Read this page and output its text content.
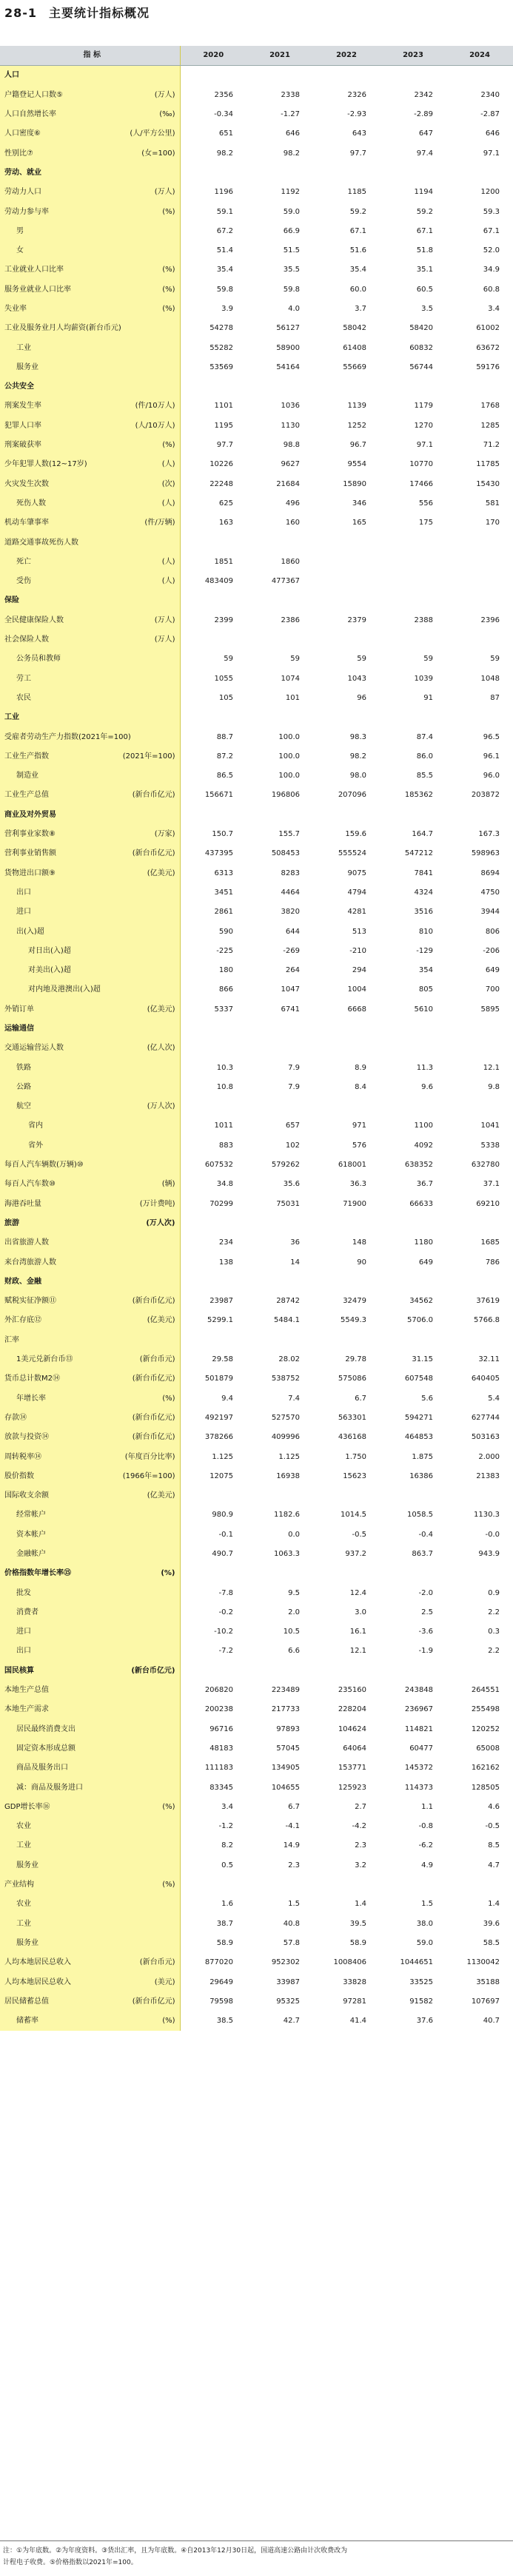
28-1 主要统计指标概况
指 标	2020	2021	2022	2023	2024
人口

户籍登记人口数⑤ (万人)	2356	2338	2326	2342	2340
人口自然增长率 (‰)	-0.34	-1.27	-2.93	-2.89	-2.87
人口密度⑥ (人/平方公里)	651	646	643	647	646
性别比⑦ (女=100)	98.2	98.2	97.7	97.4	97.1
劳动、就业

劳动力人口 (万人)	1196	1192	1185	1194	1200
劳动力参与率 (%)	59.1	59.0	59.2	59.2	59.3
男	67.2	66.9	67.1	67.1	67.1
女	51.4	51.5	51.6	51.8	52.0
工业就业人口比率 (%)	35.4	35.5	35.4	35.1	34.9
服务业就业人口比率 (%)	59.8	59.8	60.0	60.5	60.8
失业率 (%)	3.9	4.0	3.7	3.5	3.4
工业及服务业月人均薪资(新台币元)	54278	56127	58042	58420	61002
工业	55282	58900	61408	60832	63672
服务业	53569	54164	55669	56744	59176
公共安全

刑案发生率 (件/10万人)	1101	1036	1139	1179	1768
犯罪人口率 (人/10万人)	1195	1130	1252	1270	1285
刑案破获率 (%)	97.7	98.8	96.7	97.1	71.2
少年犯罪人数(12~17岁) (人)	10226	9627	9554	10770	11785
火灾发生次数 (次)	22248	21684	15890	17466	15430
死伤人数 (人)	625	496	346	556	581
机动车肇事率 (件/万辆)	163	160	165	175	170
道路交通事故死伤人数

死亡 (人)	1851	1860			
受伤 (人)	483409	477367			
保险

全民健康保险人数 (万人)	2399	2386	2379	2388	2396
社会保险人数 (万人)					

公务员和教师	59	59	59	59	59
劳工	1055	1074	1043	1039	1048
农民	105	101	96	91	87
工业

受雇者劳动生产力指数(2021年=100)	88.7	100.0	98.3	87.4	96.5
工业生产指数 (2021年=100)	87.2	100.0	98.2	86.0	96.1
制造业	86.5	100.0	98.0	85.5	96.0
工业生产总值 (新台币亿元)	156671	196806	207096	185362	203872
商业及对外贸易

营利事业家数⑧ (万家)	150.7	155.7	159.6	164.7	167.3
营利事业销售额 (新台币亿元)	437395	508453	555524	547212	598963
货物进出口额⑨ (亿美元)	6313	8283	9075	7841	8694
出口	3451	4464	4794	4324	4750
进口	2861	3820	4281	3516	3944
出(入)超	590	644	513	810	806
对日出(入)超	-225	-269	-210	-129	-206
对美出(入)超	180	264	294	354	649
对内地及港澳出(入)超	866	1047	1004	805	700
外销订单 (亿美元)	5337	6741	6668	5610	5895
运输通信

交通运输营运人数 (亿人次)					

铁路	10.3	7.9	8.9	11.3	12.1
公路	10.8	7.9	8.4	9.6	9.8
航空 (万人次)					

省内	1011	657	971	1100	1041
省外	883	102	576	4092	5338
每百人汽车辆数(万辆)⑩	607532	579262	618001	638352	632780
每百人汽车数⑩ (辆)	34.8	35.6	36.3	36.7	37.1
海港吞吐量 (万计费吨)	70299	75031	71900	66633	69210
旅游 (万人次)					

出省旅游人数	234	36	148	1180	1685
来台湾旅游人数	138	14	90	649	786
财政、金融

赋税实征净额⑪ (新台币亿元)	23987	28742	32479	34562	37619
外汇存底⑫ (亿美元)	5299.1	5484.1	5549.3	5706.0	5766.8
汇率

1美元兑新台币⑬ (新台币元)	29.58	28.02	29.78	31.15	32.11
货币总计数M2⑭ (新台币亿元)	501879	538752	575086	607548	640405
年增长率 (%)	9.4	7.4	6.7	5.6	5.4
存款⑭ (新台币亿元)	492197	527570	563301	594271	627744
放款与投资⑭ (新台币亿元)	378266	409996	436168	464853	503163
周转税率⑭ (年度百分比率)	1.125	1.125	1.750	1.875	2.000
股价指数 (1966年=100)	12075	16938	15623	16386	21383
国际收支余额 (亿美元)					

经常帐户	980.9	1182.6	1014.5	1058.5	1130.3
资本帐户	-0.1	0.0	-0.5	-0.4	-0.0
金融帐户	490.7	1063.3	937.2	863.7	943.9
价格指数年增长率⑮ (%)					

批发	-7.8	9.5	12.4	-2.0	0.9
消费者	-0.2	2.0	3.0	2.5	2.2
进口	-10.2	10.5	16.1	-3.6	0.3
出口	-7.2	6.6	12.1	-1.9	2.2
国民核算 (新台币亿元)					

本地生产总值	206820	223489	235160	243848	264551
本地生产需求	200238	217733	228204	236967	255498
居民最终消费支出	96716	97893	104624	114821	120252
固定资本形成总额	48183	57045	64064	60477	65008
商品及服务出口	111183	134905	153771	145372	162162
减：商品及服务进口	83345	104655	125923	114373	128505
GDP增长率⑯ (%)	3.4	6.7	2.7	1.1	4.6
农业	-1.2	-4.1	-4.2	-0.8	-0.5
工业	8.2	14.9	2.3	-6.2	8.5
服务业	0.5	2.3	3.2	4.9	4.7
产业结构 (%)					

农业	1.6	1.5	1.4	1.5	1.4
工业	38.7	40.8	39.5	38.0	39.6
服务业	58.9	57.8	58.9	59.0	58.5
人均本地居民总收入 (新台币元)	877020	952302	1008406	1044651	1130042
人均本地居民总收入 (美元)	29649	33987	33828	33525	35188
居民储蓄总值 (新台币亿元)	79598	95325	97281	91582	107697
储蓄率 (%)	38.5	42.7	41.4	37.6	40.7
注：①为年底数。②为年度资料。③货出汇率，且为年底数。④自2013年12月30日起，国道高速公路由计次收费改为
计程电子收费。⑤价格指数以2021年=100。
